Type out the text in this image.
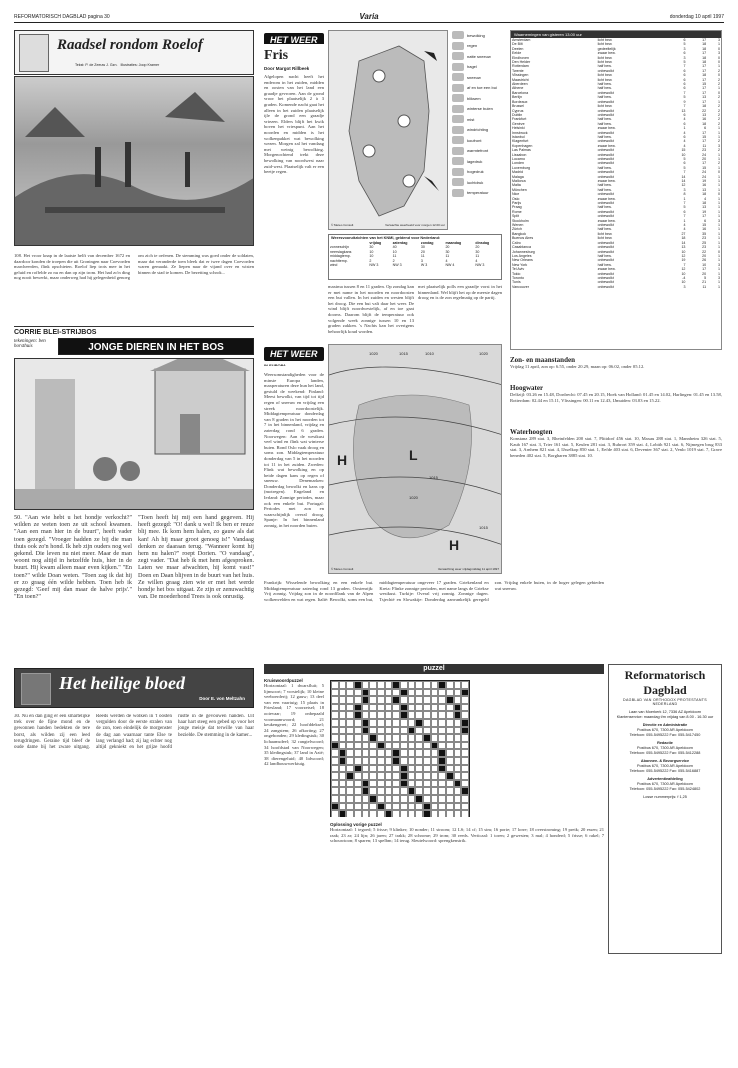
REFORMATORISCH DAGBLAD pagina 30	Varia	donderdag 10 april 1997
Raadsel rondom Roelof
Tekst: P. de Zeeuw J. Gzn. Illustraties: Joop Kramer
108. Het vroor knap in de laatste helft van december 1672 en daardoor konden de troepen die uit Groningen naar Coevorden marcheerden, flink opschieten. Roelof liep trots mee in het geluid en roffelde zo nu en dan op zijn trom. Het had zo'n ding nog nooit bewerkt, maar onderweg had hij gelegenheid genoeg om zich te oefenen. De stemming was goed onder de soldaten, maar dat veranderde toen bleek dat er twee dagen Coevorden waren gemaakt. Ze liepen naar de vijand over en wisten binnen de stad te komen. De bezetting schrok...
CORRIE BLEI-STRIJBOS
tekeningen: ben horsthuis	JONGE DIEREN IN HET BOS
50. "Aan wie hebt u het hondje verkocht?" wilden ze weten toen ze uit school kwamen. "Aan een man hier in de buurt", heeft vader toen gezegd. "Vroeger hadden ze bij die man thuis ook zo'n hond. Ik heb zijn ouders nog wel gekend. Die leven nu niet meer. Maar de man woont nog altijd in hetzelfde huis, hier in de buurt. Hij kwam alleen maar even kijken." "En toen?" wilde Doan weten. "Toen zag ik dat hij er zo graag één wilde hebben. Toen heb ik gezegd: 'Geef mij dan maar de halve prijs'." "En toen?"
"Toen heeft hij mij een hand gegeven. Hij heeft gezegd: "O! dank u wel! Ik ben er reuze blij mee. Ik kom hem halen, zo gauw als dat kan! Ah hij maar groot genoeg is!" Vandaag denken ze daaraan terug. "Wanneer komt hij hem nu halen?" roept Dorien. "O vandaag", zegt vader. "Dat heb ik met hem afgesproken. Laten we maar afwachten, hij komt vast!" Doen en Daan blijven in de buurt van het huis. Ze willen graag zien wie er met het werde hondje het bos uitgaat. Ze zijn er zenuwachtig van. De moederhond Trees is ook onrustig.
Het heilige bloed
Door E. von Meltzahn
30. Nu en dan ging er een smartelijke trek over de fijne mond en de gewonnen handen bedekten de tere borst, als wilden zij een leed terugdringen. Geraine tijd bleef de oude dame bij het zware uitgang. Reeds werden de wolken in 't oosten vergulden door de eerste stralen van de zon, toen eindelijk de morgenster de dag aan waarnaar tante Else te lang verlangd had; zij lag echter nog altijd gekniekt en het grijze hoofd rustte in de gevouwen handen. Uit haar hart steeg een gebed op voor het jonge meisje dat terwille van haar bezielde. De stemming in de kamer...
HET WEER
Fris
Door Margot Rillbeek
Afgelopen nacht heeft het enderom in het zuiden, midden en oosten van het land een graadje gevroren. Aan de grond vroor het plaatselijk 2 à 3 graden. Komende nacht gaat het alleen in het zuiden plaatselijk ijle de grond een graadje vriezen. Elders blijft het kwik boven het vriespunt. Aan het noorden en midden is het wolkenpakket wat bewolking wezen. Morgen zal het vandaag met weinig bewolking. Morgenochtend trekt deze bewolking van noordwest naar zuid-west. Plaatselijk valt er een beetje regen.
© Meteo Consult	Verwachte weerbeeld voor morgen 12.00 uur
bewolking
regen
natte sneeuw
hagel
sneeuw
af en toe een bui
bliksem
winterse buien
mist
windrichting
koufront
warmtefront
lagedruk
hogedruk
luchtdruk
temperatuur
Weersvooruitzichten van het KNMI, geldend voor Nederland:
	vrijdag	zaterdag	zondag	maandag	dinsdag
zonneschijn	30	40	30	20	20
neerslagkans	10	10	20	30	30
middagtemp.	10	11	11	11	11
nachttemp.	2	2	3	4	4
wind	NW 3	NW 3	W 3	NW 4	NW 3
maxima tussen 8 en 11 graden. Op zondag kan er met name in het noorden en noordoosten een bui vallen. In het zuiden en westen blijft het droog. Die een bui valt daar het weer. De wind blijft noordwestelijk, af en toe gaat doorns. Daarom blijft de temperatuur ook volgende week zonnige tussen 10 en 13 graden zakken. 's Nachts kan het overigens behoorlijk koud worden.
met plaatselijk polls een graadje vorst in het binnenland. Wel blijft het op de meeste dagen droog en is de zon regelmatig op de partij.
HET WEER
IN EUROPA
Weersomstandigheden voor de minste Europa landen, maxperaturen deze hun het land, gestuld de weekend: Finland: Meest bewolkt, van tijd tot tijd regen of sneeuw en vrijdag een streek noordoostelijk. Middagtemperatuur donderdag van 8 graden in het noorden tot 7 in het binnenland, vrijdag en zaterdag rond 6 graden. Noorwegen: Aan de westkust veel wind en flink wat winterse buien. Rond Oslo vaak droog en soms zon. Middagtemperatuur donderdag van 5 in het noorden tot 11 in het zuiden. Zweden: Flink wat bewolking en op beide dagen kans op regen of sneeuw. Denemarken: Donderdag bewolkt en kans op (motregen). Engeland en Ierland: Zonnige periodes, maar ook een enkele bui. Portugal: Periodes met zon en waarschijnlijk overal droog. Spanje: In het binnenland zonnig, in het noorden buien.
H	L
H
1020	1015	1010	1020
1015
1020
1015
© Meteo Consult	Verwachting weer vrijdagmiddag 11 april 1997
Frankrijk: Wisselende bewolking en een enkele bui. Middagtemperatuur zaterdag rond 13 graden. Oostenrijk: Vrij zonnig. Vrijdag zon in de noordflank van de Alpen wolkenvelden en wat regen. Italië: Bewolkt, soms een bui, middagtemperatuur ongeveer 17 graden. Griekenland en Kreta: Flinke zonnige perioden, met name langs de Griekse westkust. Turkije: Overal vrij zonnig. Zonnige dagen. Tsjechië en Slowakije: Donderdag aanvankelijk geregeld zon. Vrijdag enkele buien, in de hoger gelegen gebieden wat sneeuw.
Waarnemingen van gisteren 13.00 uur
Amsterdam	licht bew.	6	17	3
De Bilt	licht bew.	5	18	1
Deelen	gedeeltelijk	3	18	0
Eelde	zwaar bew.	6	17	3
Eindhoven	licht bew.	3	18	0
Den Helder	licht bew.	5	18	0
Rotterdam	half bew.	7	17	1
Twente	onbewolkt	6	17	2
Vlissingen	licht bew.	6	18	0
Maastricht	licht bew.	6	17	2
Aberdeen	half bew.	6	15	2
Athene	half bew.	6	17	1
Barcelona	onbewolkt	7	17	0
Berlijn	half bew.	5	13	2
Bordeaux	onbewolkt	9	17	1
Brussel	licht bew.	7	18	2
Cyprus	onbewolkt	13	22	2
Dublin	onbewolkt	6	13	2
Frankfurt	half bew.	4	16	2
Genève	half bew.	6	18	2
Helsinki	zwaar bew.	1	6	1
Innsbruck	onbewolkt	4	17	1
Istanbul	half bew.	6	15	1
Klagenfurt	onbewolkt	4	17	2
Kopenhagen	zwaar bew.	4	11	3
Las Palmas	onbewolkt	15	23	2
Lissabon	onbewolkt	10	24	1
Locarno	onbewolkt	5	20	1
Londen	onbewolkt	6	17	2
Luxemburg	half bew.	5	15	1
Madrid	onbewolkt	7	24	0
Malaga	onbewolkt	14	24	1
Mallorca	zwaar bew.	14	19	1
Malta	half bew.	12	16	1
München	half bew.	3	13	1
Nice	onbewolkt	8	18	0
Oslo	zwaar bew.	1	4	1
Parijs	onbewolkt	7	18	1
Praag	half bew.	5	13	1
Rome	onbewolkt	6	19	1
Split	onbewolkt	7	17	1
Stockholm	zwaar bew.	1	6	3
Wenen	onbewolkt	4	15	1
Zürich	half bew.	4	16	1
Bangkok	licht bew.	27	35	1
Buenos Aires	licht bew.	18	23	1
Caïro	onbewolkt	14	25	1
Casablanca	onbewolkt	13	23	1
Johannesburg	onbewolkt	10	22	0
Los Angeles	half bew.	12	20	1
New Orleans	onbewolkt	19	26	1
New York	half bew.	7	10	3
Tel Aviv	zwaar bew.	12	17	1
Tokio	onbewolkt	10	20	1
Toronto	onbewolkt	-4	5	3
Tunis	onbewolkt	10	21	1
Vancouver	onbewolkt	3	11	1
Zon- en maanstanden
Vrijdag 11 april, zon op: 6.55, onder 20.29, maan op: 06.02, onder 05.12.
Hoogwater
Delfzijl: 03.26 en 15.48, Dordrecht: 07.45 en 20.15, Hoek van Holland: 01.45 en 14.02, Harlingen: 01.45 en 13.58, Rotterdam: 02.44 en 15.11, Vlissingen: 00.11 en 12.43, IJmuiden: 03.03 en 15.22.
Waterhoogten
Konstanz 289 stat. 3, Rheinfelden 200 stat. 7, Plittdorf 456 stat. 10, Maxau 288 stat. 1, Mannheim 326 stat. 5, Kaub 167 stat. 3, Trier 161 stat. 5, Keulen 281 stat. 3, Ruhrort 359 stat. 4, Lobith 921 stat. 6, Nijmegen brug 833 stat. 3, Arnhem 821 stat. 4, IJsselkop 850 stat. 1, Eefde 403 stat. 6, Deventer 367 stat. 2, Venlo 1019 stat. 7, Grave beneden 402 stat. 5, Borgharen 3885 stat. 10.
puzzel
Kruiswoordpuzzel
Horizontaal: 1 dwarsfluit; 5 lijmsoort; 7 vorstelijk; 10 kleine veeboerderij; 12 gauw; 13 deel van een vaartuig; 15 plaats in Friesland; 17 voorzetsel; 18 ooievaar; 19 onbepaald voornaamwoord; 21 keukengerei; 22 hoofddeksel; 24 zangstem; 26 afkorting; 27 ongebonden; 29 kledingstuk; 30 lichaamsdeel; 32 rangtelwoord; 34 hoofdstad van Noorwegen; 35 kledingstuk; 37 land in Azië; 38 dierengeluid; 40 lidwoord; 42 landbouwwerktuig.
Oplossing vorige puzzel
Horizontaal: 1 tegoed; 5 frisse; 9 klinker; 10 nonder; 11 stroom; 12 LS; 14 cf; 15 sim; 16 porie; 17 lorre; 18 overstroming; 19 preik; 20 essen; 21 raak; 23 ar; 24 lijn; 26 jaren; 27 trakk; 28 schrome; 29 trom; 30 reeds. Verticaal: 1 toren; 2 gewesten; 3 mal; 4 honderd; 5 frisse; 6 rakel; 7 schouwtoon; 8 sparen; 13 spelbm; 14 terug. Sleutelwoord: sprengkenstrik.
Reformatorisch Dagblad
DAGBLAD VAN ORTHODOX PROTESTANTS NEDERLAND
Laan van Moerkerk 12, 7336 AZ Apeldoorn
Klantenservice: maandag t/m vrijdag van 8.00 - 16.30 uur
Directie en Administratie
Postbus 670, 7300 AR Apeldoorn
Telefoon: 055-5495222 Fax: 055-5417450
Redactie
Postbus 670, 7300 AR Apeldoorn
Telefoon: 055-5495222 Fax: 055-5412288
Abonnee- & Bezorgservice
Postbus 670, 7300 AR Apeldoorn
Telefoon: 055-5495222 Fax: 055-5416887
Advertentieafdeling
Postbus 670, 7300 AR Apeldoorn
Telefoon: 055-5495222 Fax: 055-5424802
Losse nummerprijs: f 1,25
